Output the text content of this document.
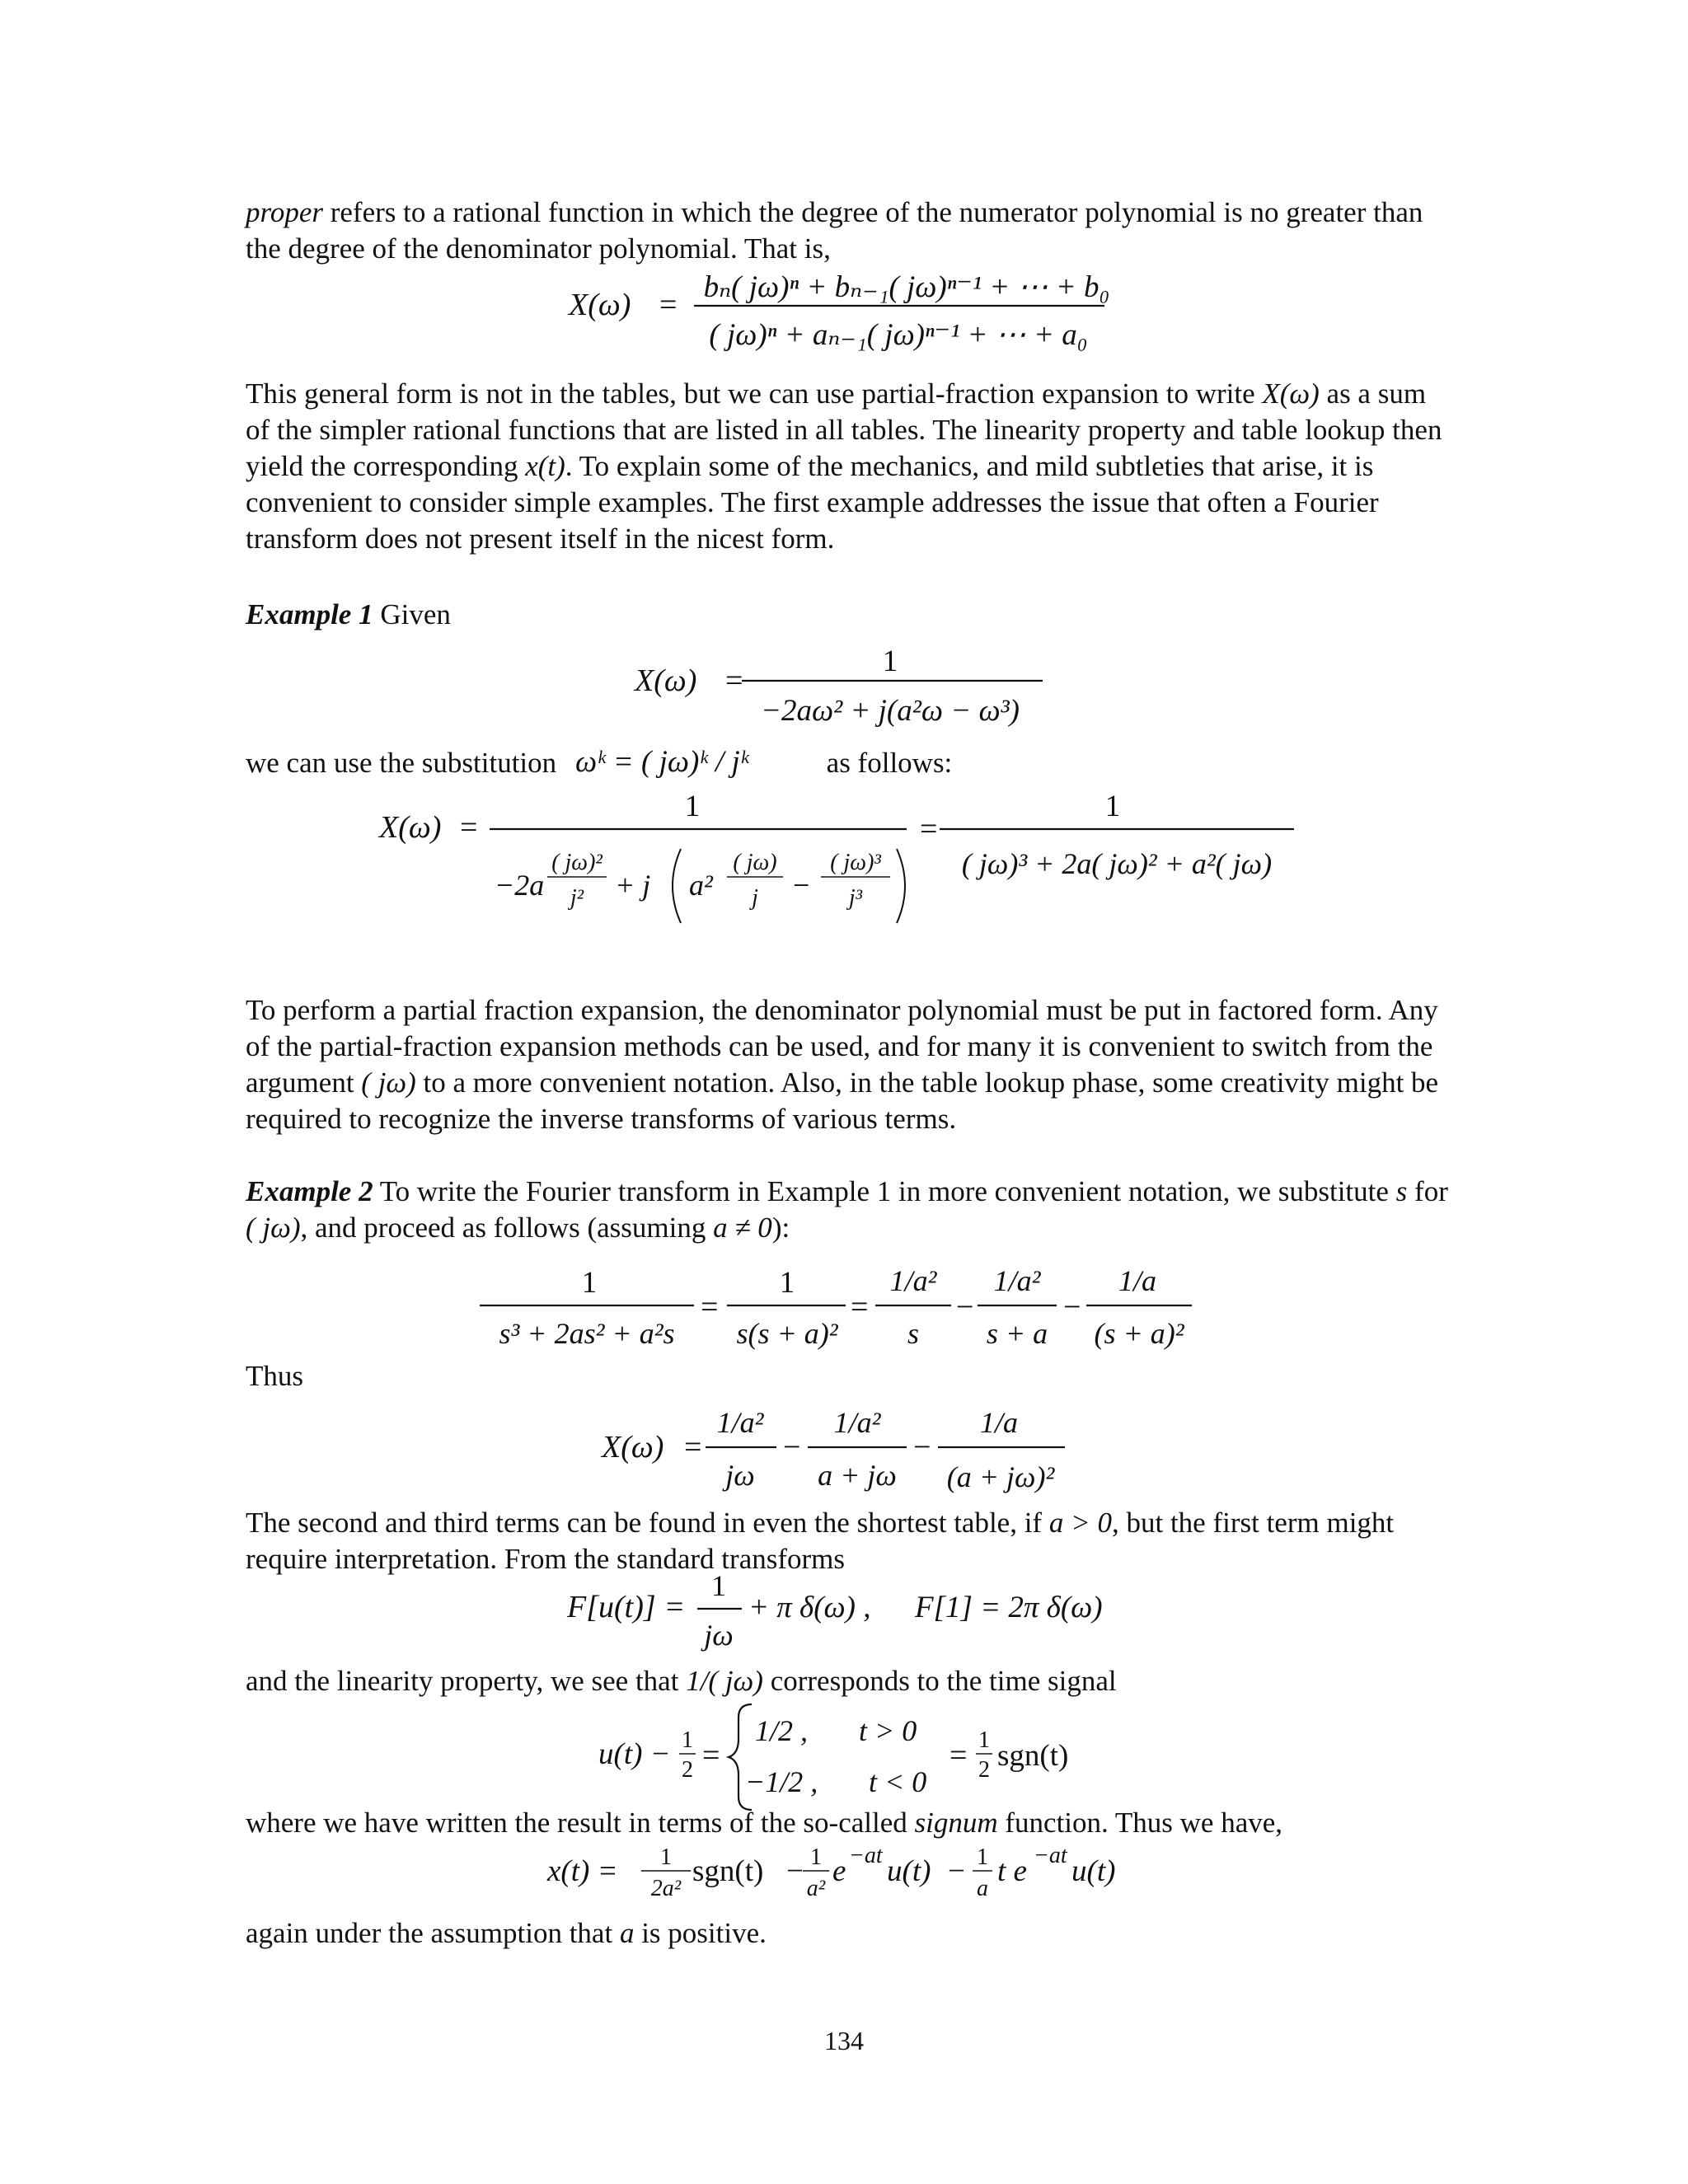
proper refers to a rational function in which the degree of the numerator polynomial is no greater than the degree of the denominator polynomial. That is,
This general form is not in the tables, but we can use partial-fraction expansion to write X(ω) as a sum of the simpler rational functions that are listed in all tables. The linearity property and table lookup then yield the corresponding x(t). To explain some of the mechanics, and mild subtleties that arise, it is convenient to consider simple examples. The first example addresses the issue that often a Fourier transform does not present itself in the nicest form.
Example 1 Given
we can use the substitution	as follows:
To perform a partial fraction expansion, the denominator polynomial must be put in factored form. Any of the partial-fraction expansion methods can be used, and for many it is convenient to switch from the argument ( jω) to a more convenient notation. Also, in the table lookup phase, some creativity might be required to recognize the inverse transforms of various terms.
Example 2 To write the Fourier transform in Example 1 in more convenient notation, we substitute s for ( jω), and proceed as follows (assuming a ≠ 0):
Thus
The second and third terms can be found in even the shortest table, if a > 0, but the first term might require interpretation. From the standard transforms
and the linearity property, we see that 1/( jω) corresponds to the time signal
where we have written the result in terms of the so-called signum function. Thus we have,
again under the assumption that a is positive.
134
X(ω) =
bₙ( jω)ⁿ + bₙ₋₁( jω)ⁿ⁻¹ + ⋯ + b₀
( jω)ⁿ + aₙ₋₁( jω)ⁿ⁻¹ + ⋯ + a₀
X(ω) =
1
−2aω² + j(a²ω − ω³)
ωᵏ = ( jω)ᵏ / jᵏ
X(ω) =
1
−2a
( jω)²
j² + j a²
( jω)
j −
( jω)³
j³
=
1
( jω)³ + 2a( jω)² + a²( jω)
1
s³ + 2as² + a²s
=
1
s(s + a)²
=
1/a²
s
−
1/a²
s + a
−
1/a
(s + a)²
X(ω) =
1/a²
jω
−
1/a²
a + jω
−
1/a
(a + jω)²
F[u(t)] =
1
jω
+ π δ(ω) , F[1] = 2π δ(ω)
u(t) − 1
2 =
1/2 , t > 0
−1/2 , t < 0
= 1
2 sgn(t)
x(t) = 1
2a²
sgn(t) − 1
a²
e −at u(t) − 1
a
t e −at u(t)
